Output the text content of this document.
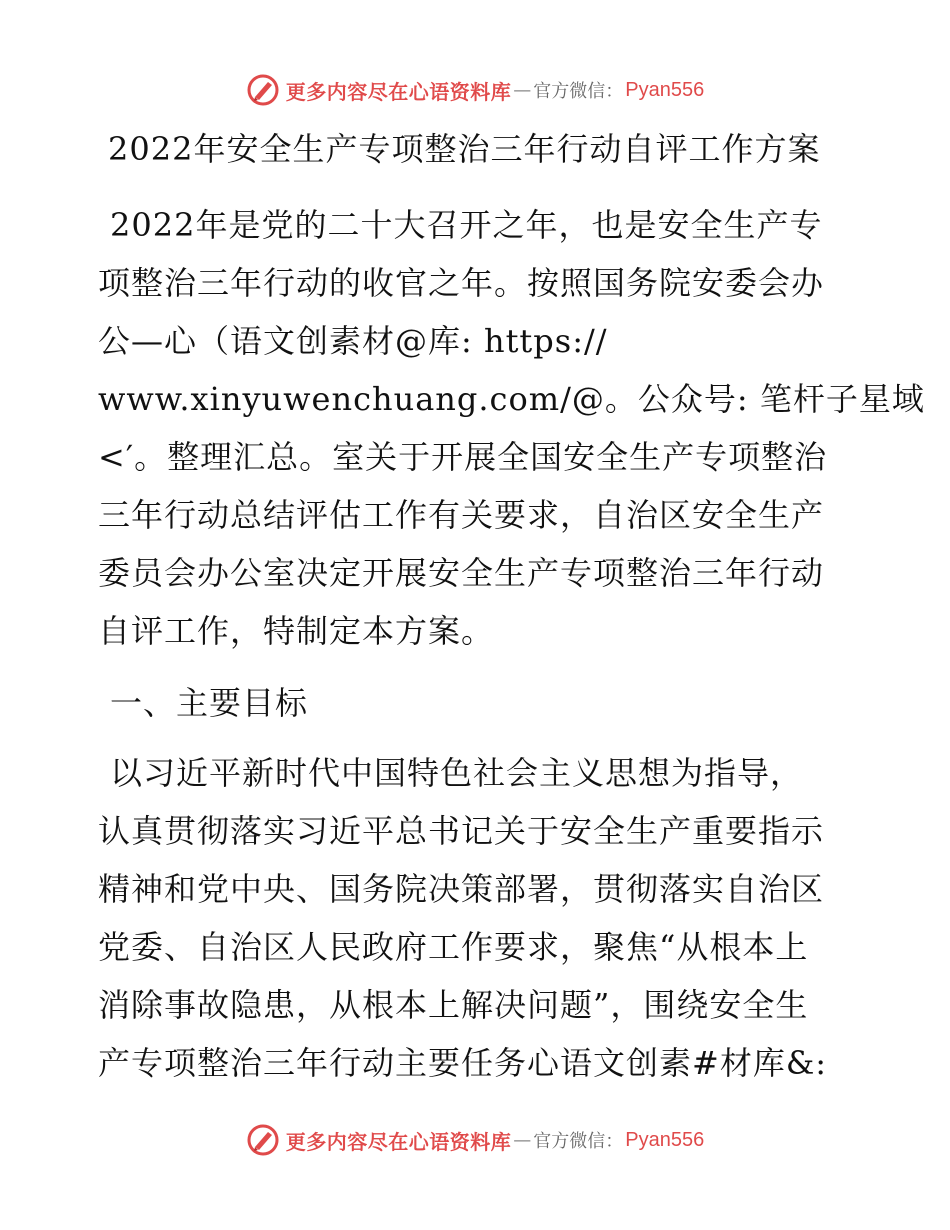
更多内容尽在心语资料库 — 官方微信： Pyan556
2022年安全生产专项整治三年行动自评工作方案
2022年是党的二十大召开之年，也是安全生产专
项整治三年行动的收官之年。按照国务院安委会办
公—心（语文创素材@库: https://
www.xinyuwenchuang.com/@。公众号: 笔杆子星域
<′。整理汇总。室关于开展全国安全生产专项整治
三年行动总结评估工作有关要求，自治区安全生产
委员会办公室决定开展安全生产专项整治三年行动
自评工作，特制定本方案。
一、主要目标
以习近平新时代中国特色社会主义思想为指导，
认真贯彻落实习近平总书记关于安全生产重要指示
精神和党中央、国务院决策部署，贯彻落实自治区
党委、自治区人民政府工作要求，聚焦“从根本上
消除事故隐患，从根本上解决问题”，围绕安全生
产专项整治三年行动主要任务心语文创素#材库&:
更多内容尽在心语资料库 — 官方微信： Pyan556
